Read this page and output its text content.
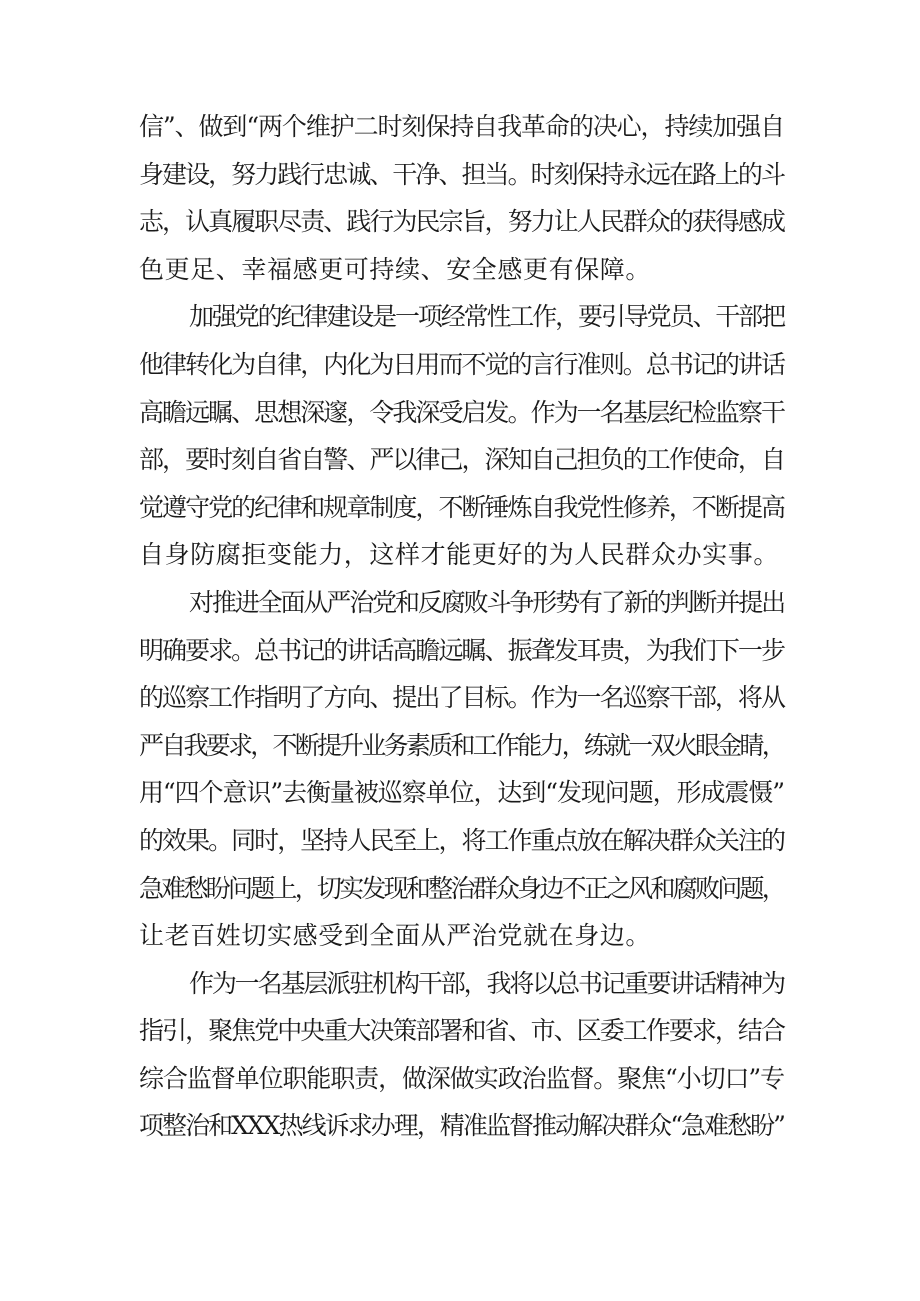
信”、做到“两个维护二时刻保持自我革命的决心，持续加强自
身建设，努力践行忠诚、干净、担当。时刻保持永远在路上的斗
志，认真履职尽责、践行为民宗旨，努力让人民群众的获得感成
色更足、幸福感更可持续、安全感更有保障。
加强党的纪律建设是一项经常性工作，要引导党员、干部把
他律转化为自律，内化为日用而不觉的言行准则。总书记的讲话
高瞻远瞩、思想深邃，令我深受启发。作为一名基层纪检监察干
部，要时刻自省自警、严以律己，深知自己担负的工作使命，自
觉遵守党的纪律和规章制度，不断锤炼自我党性修养，不断提高
自身防腐拒变能力，这样才能更好的为人民群众办实事。
对推进全面从严治党和反腐败斗争形势有了新的判断并提出
明确要求。总书记的讲话高瞻远瞩、振聋发耳贵，为我们下一步
的巡察工作指明了方向、提出了目标。作为一名巡察干部，将从
严自我要求，不断提升业务素质和工作能力，练就一双火眼金睛，
用“四个意识”去衡量被巡察单位，达到“发现问题，形成震慑”
的效果。同时，坚持人民至上，将工作重点放在解决群众关注的
急难愁盼问题上，切实发现和整治群众身边不正之风和腐败问题，
让老百姓切实感受到全面从严治党就在身边。
作为一名基层派驻机构干部，我将以总书记重要讲话精神为
指引，聚焦党中央重大决策部署和省、市、区委工作要求，结合
综合监督单位职能职责，做深做实政治监督。聚焦“小切口”专
项整治和XXX热线诉求办理，精准监督推动解决群众“急难愁盼”
